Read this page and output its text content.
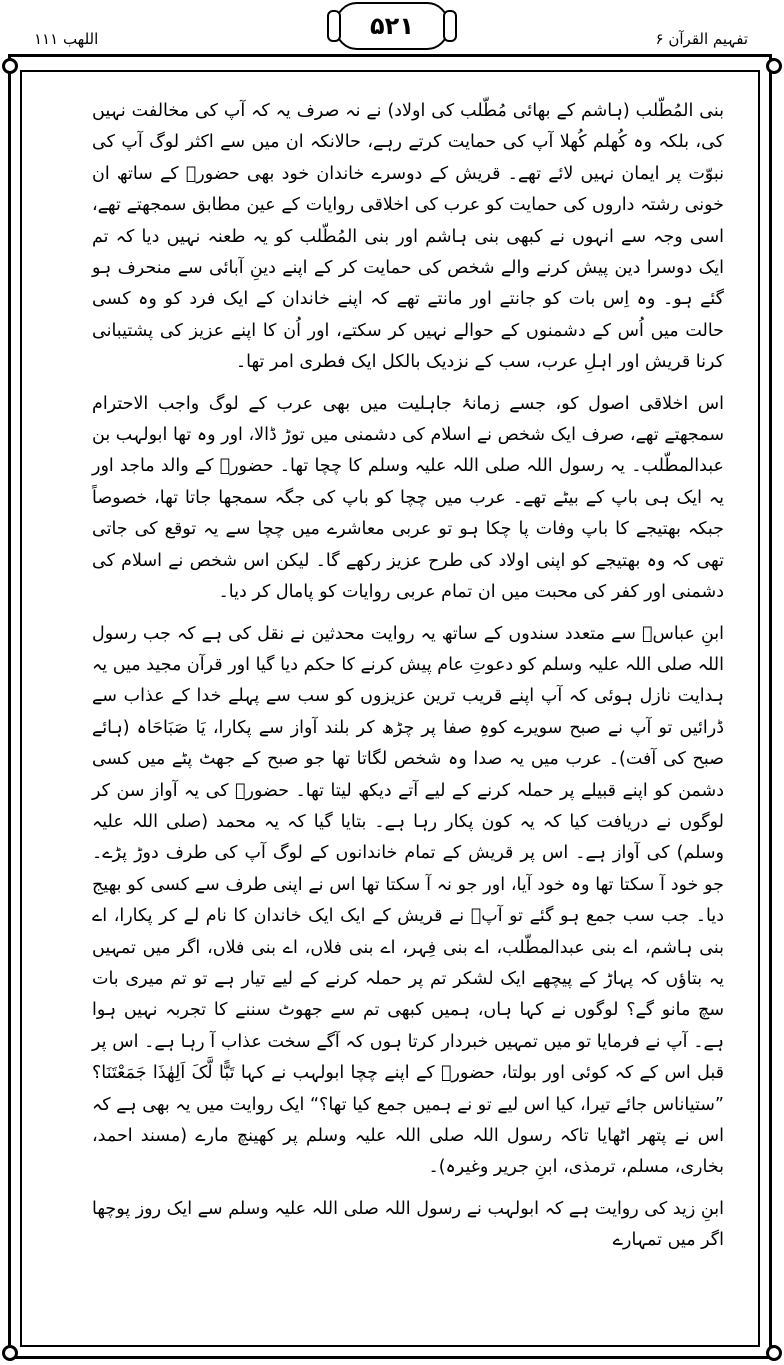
اللھب ۱۱۱	۵۲۱	تفہیم القرآن ۶

بنی المُطّلب (ہاشم کے بھائی مُطّلب کی اولاد) نے نہ صرف یہ کہ آپ کی مخالفت نہیں کی، بلکہ وہ کُھلم کُھلا آپ کی حمایت کرتے رہے، حالانکہ ان میں سے اکثر لوگ آپ کی نبوّت پر ایمان نہیں لائے تھے۔ قریش کے دوسرے خاندان خود بھی حضورؐ کے ساتھ ان خونی رشتہ داروں کی حمایت کو عرب کی اخلاقی روایات کے عین مطابق سمجھتے تھے، اسی وجہ سے انہوں نے کبھی بنی ہاشم اور بنی المُطّلب کو یہ طعنہ نہیں دیا کہ تم ایک دوسرا دین پیش کرنے والے شخص کی حمایت کر کے اپنے دینِ آبائی سے منحرف ہو گئے ہو۔ وہ اِس بات کو جانتے اور مانتے تھے کہ اپنے خاندان کے ایک فرد کو وہ کسی حالت میں اُس کے دشمنوں کے حوالے نہیں کر سکتے، اور اُن کا اپنے عزیز کی پشتیبانی کرنا قریش اور اہلِ عرب، سب کے نزدیک بالکل ایک فطری امر تھا۔

اس اخلاقی اصول کو، جسے زمانۂ جاہلیت میں بھی عرب کے لوگ واجب الاحترام سمجھتے تھے، صرف ایک شخص نے اسلام کی دشمنی میں توڑ ڈالا، اور وہ تھا ابولہب بن عبدالمطّلب۔ یہ رسول اللہ صلی اللہ علیہ وسلم کا چچا تھا۔ حضورؐ کے والد ماجد اور یہ ایک ہی باپ کے بیٹے تھے۔ عرب میں چچا کو باپ کی جگہ سمجھا جاتا تھا، خصوصاً جبکہ بھتیجے کا باپ وفات پا چکا ہو تو عربی معاشرے میں چچا سے یہ توقع کی جاتی تھی کہ وہ بھتیجے کو اپنی اولاد کی طرح عزیز رکھے گا۔ لیکن اس شخص نے اسلام کی دشمنی اور کفر کی محبت میں ان تمام عربی روایات کو پامال کر دیا۔

ابنِ عباسؓ سے متعدد سندوں کے ساتھ یہ روایت محدثین نے نقل کی ہے کہ جب رسول اللہ صلی اللہ علیہ وسلم کو دعوتِ عام پیش کرنے کا حکم دیا گیا اور قرآن مجید میں یہ ہدایت نازل ہوئی کہ آپ اپنے قریب ترین عزیزوں کو سب سے پہلے خدا کے عذاب سے ڈرائیں تو آپ نے صبح سویرے کوہِ صفا پر چڑھ کر بلند آواز سے پکارا، یَا صَبَاحَاہ (ہائے صبح کی آفت)۔ عرب میں یہ صدا وہ شخص لگاتا تھا جو صبح کے جھٹ پٹے میں کسی دشمن کو اپنے قبیلے پر حملہ کرنے کے لیے آتے دیکھ لیتا تھا۔ حضورؐ کی یہ آواز سن کر لوگوں نے دریافت کیا کہ یہ کون پکار رہا ہے۔ بتایا گیا کہ یہ محمد (صلی اللہ علیہ وسلم) کی آواز ہے۔ اس پر قریش کے تمام خاندانوں کے لوگ آپ کی طرف دوڑ پڑے۔ جو خود آ سکتا تھا وہ خود آیا، اور جو نہ آ سکتا تھا اس نے اپنی طرف سے کسی کو بھیج دیا۔ جب سب جمع ہو گئے تو آپؐ نے قریش کے ایک ایک خاندان کا نام لے کر پکارا، اے بنی ہاشم، اے بنی عبدالمطّلب، اے بنی فِہر، اے بنی فلاں، اے بنی فلاں، اگر میں تمہیں یہ بتاؤں کہ پہاڑ کے پیچھے ایک لشکر تم پر حملہ کرنے کے لیے تیار ہے تو تم میری بات سچ مانو گے؟ لوگوں نے کہا ہاں، ہمیں کبھی تم سے جھوٹ سننے کا تجربہ نہیں ہوا ہے۔ آپ نے فرمایا تو میں تمہیں خبردار کرتا ہوں کہ آگے سخت عذاب آ رہا ہے۔ اس پر قبل اس کے کہ کوئی اور بولتا، حضورؐ کے اپنے چچا ابولہب نے کہا تَبًّا لَّکَ اَلِھٰذَا جَمَعْتَنَا؟ ”ستیاناس جائے تیرا، کیا اس لیے تو نے ہمیں جمع کیا تھا؟“ ایک روایت میں یہ بھی ہے کہ اس نے پتھر اٹھایا تاکہ رسول اللہ صلی اللہ علیہ وسلم پر کھینچ مارے (مسند احمد، بخاری، مسلم، ترمذی، ابنِ جریر وغیرہ)۔

ابنِ زید کی روایت ہے کہ ابولہب نے رسول اللہ صلی اللہ علیہ وسلم سے ایک روز پوچھا اگر میں تمہارے
